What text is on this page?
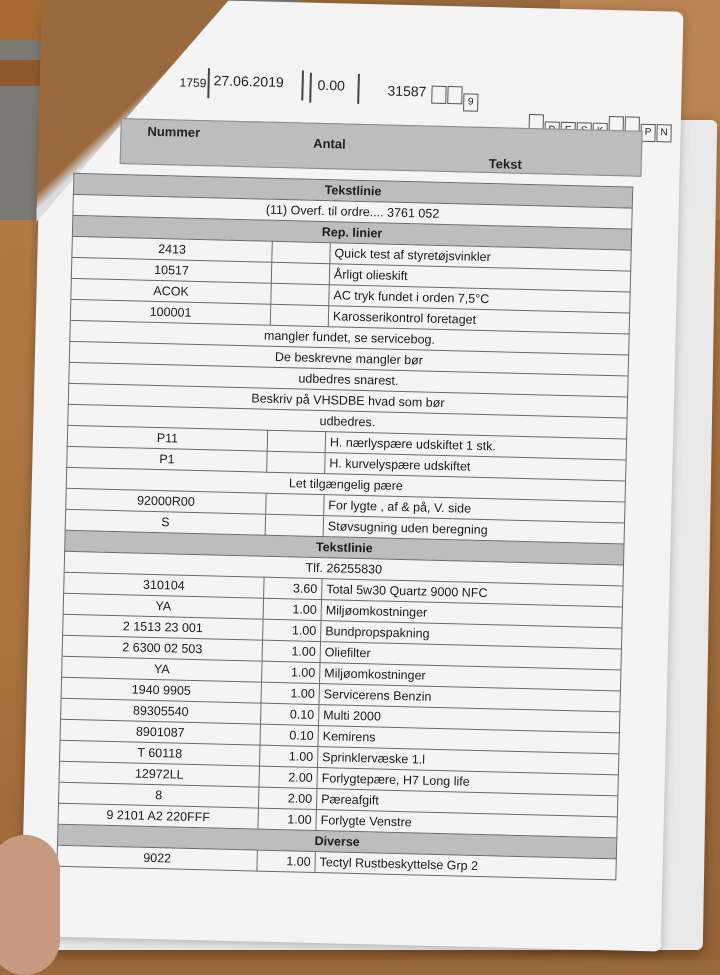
1759 27.06.2019 0.00	31587
9
P N
Nummer
Antal
Tekst
Tekstlinie		
(11) Overf. til ordre.... 3761 052		
Rep. linier		
2413		Quick test af styretøjsvinkler
10517		Årligt olieskift
ACOK		AC tryk fundet i orden 7,5°C
100001		Karosserikontrol foretaget
mangler fundet, se servicebog.		
De beskrevne mangler bør		
udbedres snarest.		
Beskriv på VHSDBE hvad som bør		
udbedres.		
P11		H. nærlyspære udskiftet 1 stk.
P1		H. kurvelyspære udskiftet
Let tilgængelig pære		
92000R00		For lygte , af & på, V. side
S		Støvsugning uden beregning
Tekstlinie		
Tlf. 26255830		
310104	3.60	Total 5w30 Quartz 9000 NFC
YA	1.00	Miljøomkostninger
2 1513 23 001	1.00	Bundpropspakning
2 6300 02 503	1.00	Oliefilter
YA	1.00	Miljøomkostninger
1940 9905	1.00	Servicerens Benzin
89305540	0.10	Multi 2000
8901087	0.10	Kemirens
T 60118	1.00	Sprinklervæske 1.l
12972LL	2.00	Forlygtepære, H7 Long life
8	2.00	Pæreafgift
9 2101 A2 220FFF	1.00	Forlygte Venstre
Diverse		
9022	1.00	Tectyl Rustbeskyttelse Grp 2
